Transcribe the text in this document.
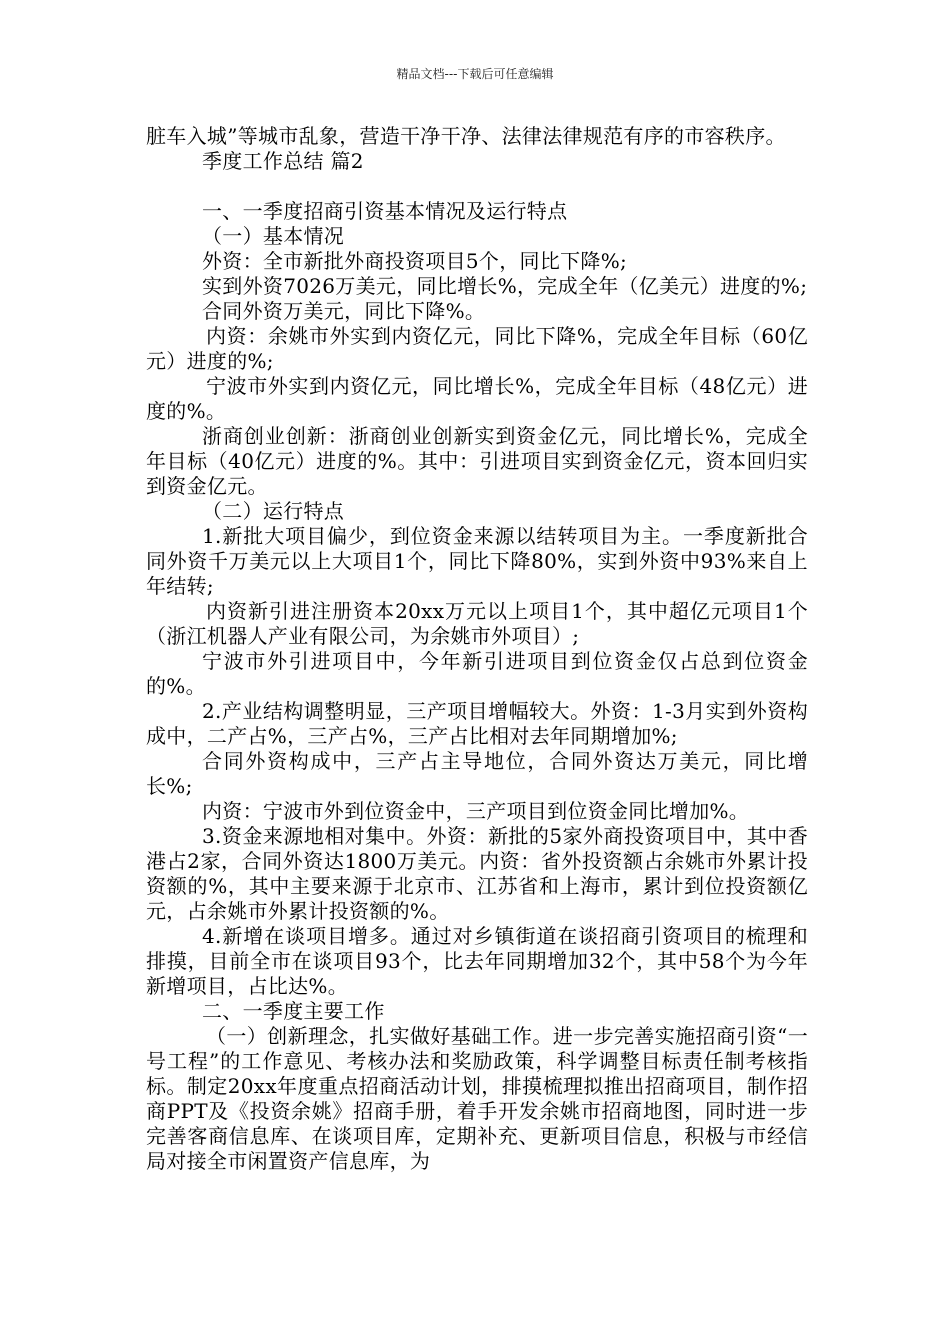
精品文档---下载后可任意编辑

脏车入城”等城市乱象，营造干净干净、法律法律规范有序的市容秩序。

季度工作总结 篇2

一、一季度招商引资基本情况及运行特点

（一）基本情况

外资：全市新批外商投资项目5个，同比下降%;

实到外资7026万美元，同比增长%，完成全年（亿美元）进度的%;

合同外资万美元，同比下降%。

内资：余姚市外实到内资亿元，同比下降%，完成全年目标（60亿元）进度的%;

宁波市外实到内资亿元，同比增长%，完成全年目标（48亿元）进度的%。

浙商创业创新：浙商创业创新实到资金亿元，同比增长%，完成全年目标（40亿元）进度的%。其中：引进项目实到资金亿元，资本回归实到资金亿元。

（二）运行特点

1.新批大项目偏少，到位资金来源以结转项目为主。一季度新批合同外资千万美元以上大项目1个，同比下降80%，实到外资中93%来自上年结转;

内资新引进注册资本20xx万元以上项目1个，其中超亿元项目1个（浙江机器人产业有限公司，为余姚市外项目）;

宁波市外引进项目中，今年新引进项目到位资金仅占总到位资金的%。

2.产业结构调整明显，三产项目增幅较大。外资：1-3月实到外资构成中，二产占%，三产占%，三产占比相对去年同期增加%;

合同外资构成中，三产占主导地位，合同外资达万美元，同比增长%;

内资：宁波市外到位资金中，三产项目到位资金同比增加%。

3.资金来源地相对集中。外资：新批的5家外商投资项目中，其中香港占2家，合同外资达1800万美元。内资：省外投资额占余姚市外累计投资额的%，其中主要来源于北京市、江苏省和上海市，累计到位投资额亿元，占余姚市外累计投资额的%。

4.新增在谈项目增多。通过对乡镇街道在谈招商引资项目的梳理和排摸，目前全市在谈项目93个，比去年同期增加32个，其中58个为今年新增项目，占比达%。

二、一季度主要工作

（一）创新理念，扎实做好基础工作。进一步完善实施招商引资“一号工程”的工作意见、考核办法和奖励政策，科学调整目标责任制考核指标。制定20xx年度重点招商活动计划，排摸梳理拟推出招商项目，制作招商PPT及《投资余姚》招商手册，着手开发余姚市招商地图，同时进一步完善客商信息库、在谈项目库，定期补充、更新项目信息，积极与市经信局对接全市闲置资产信息库，为
